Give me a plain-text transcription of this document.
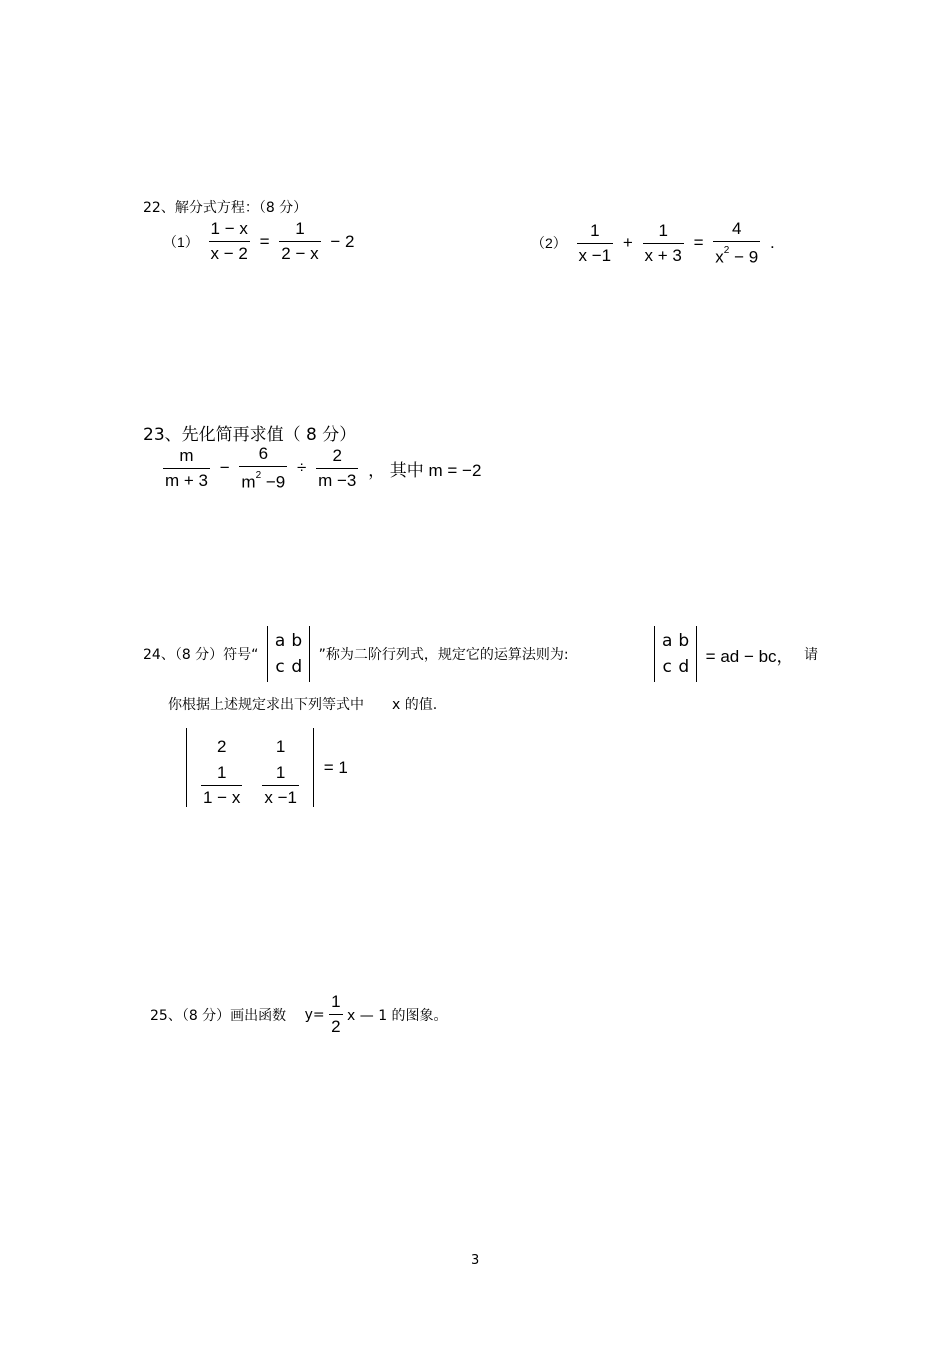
22、解分式方程：（8 分）
$(1) \frac{1 - x}{x - 2} = \frac{1}{2 - x} - 2$	$(2) \frac{1}{x -1} + \frac{1}{x + 3} = \frac{4}{x^2 - 9}$ .
23、先化简再求值（ 8 分）
$\frac{m}{m + 3} - \frac{6}{m^2 -9} \div \frac{2}{m -3}$ ， 其中 m = −2
24、（8 分）符号“
a	b
c	d
”称为二阶行列式，规定它的运算法则为:
a	b
c	d
= ad − bc， 请
你根据上述规定求出下列等式中 x 的值.
2	1

$\frac{1}{1 - x}$	$\frac{1}{x -1} = 1$
25、（8 分）画出函数 $y= \frac{1}{2}$ x — 1 的图象。
3
